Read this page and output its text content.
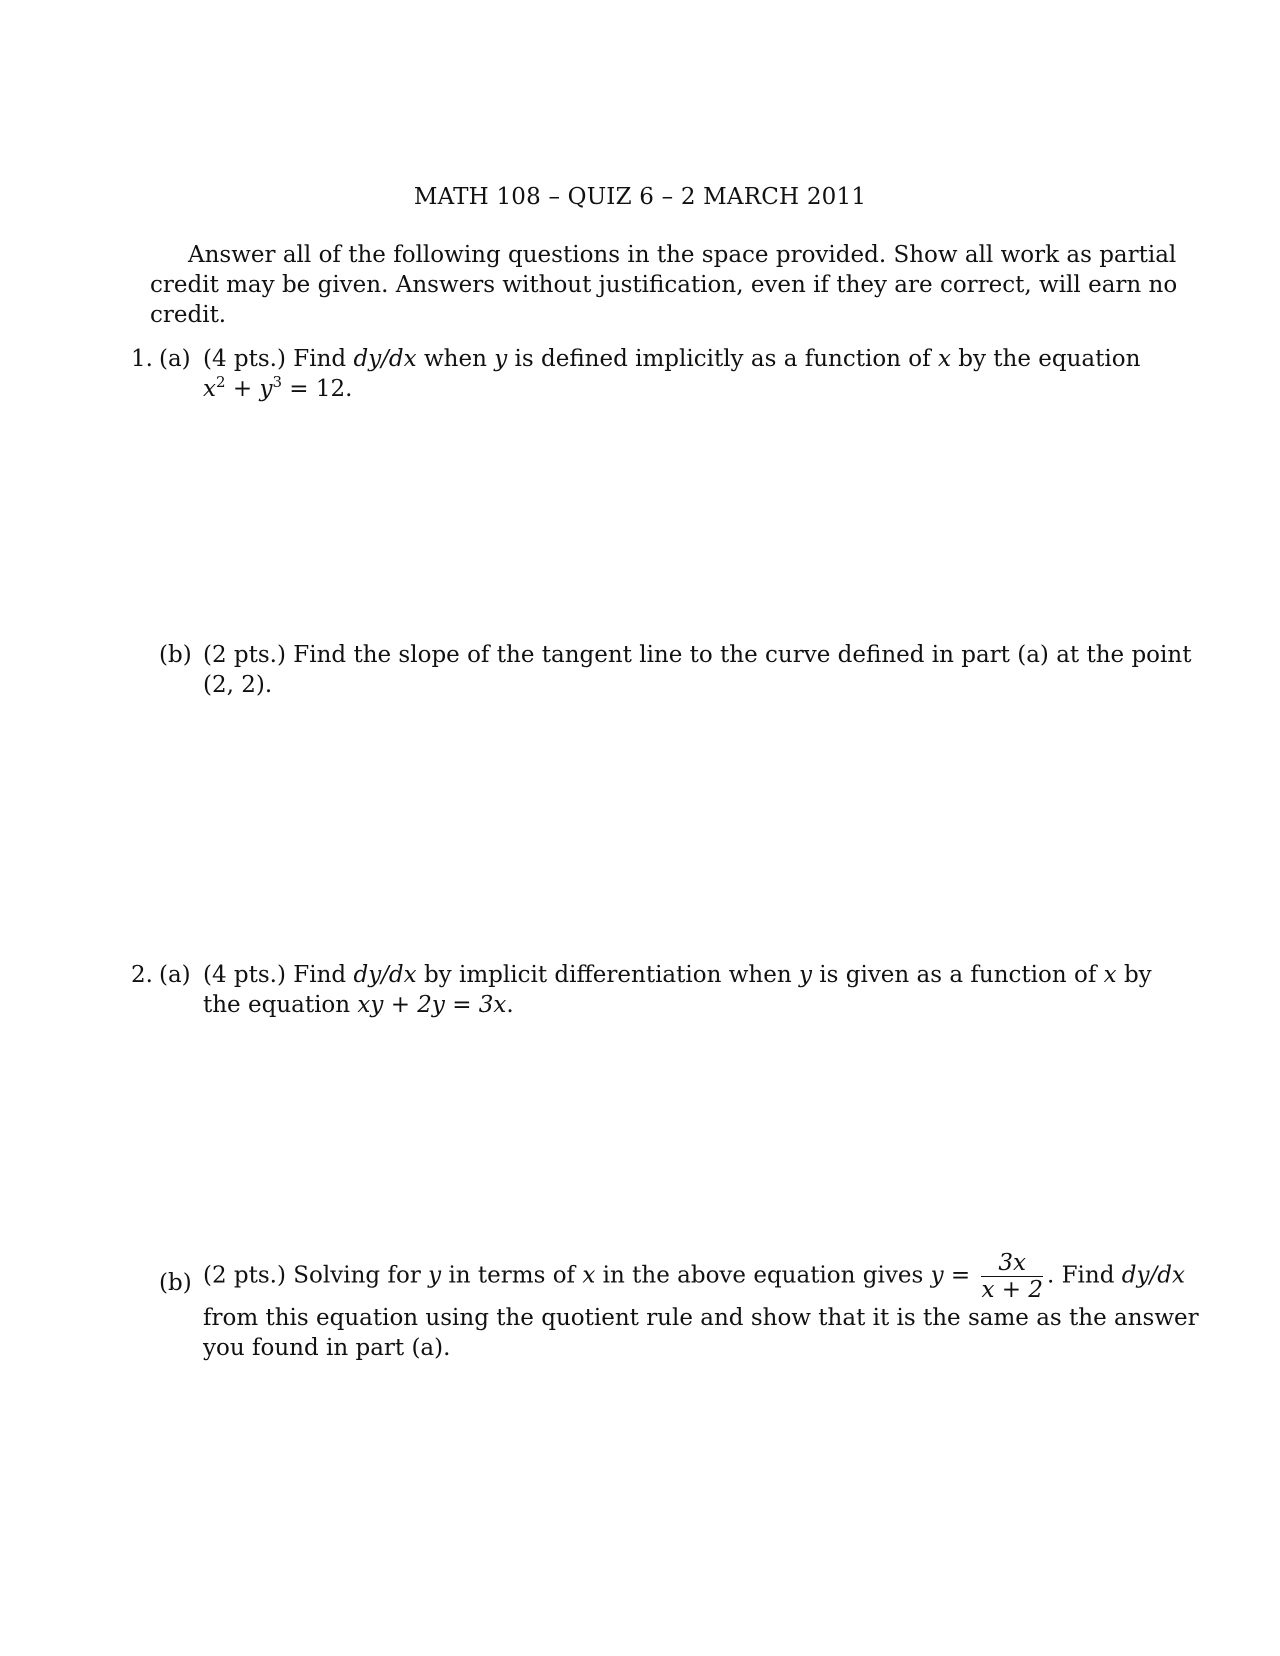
MATH 108 – QUIZ 6 – 2 MARCH 2011
Answer all of the following questions in the space provided. Show all work as partial
credit may be given. Answers without justification, even if they are correct, will earn no
credit.
1. (a) (4 pts.) Find dy/dx when y is defined implicitly as a function of x by the equation
$x^2 + y^3 = 12$.
(b) (2 pts.) Find the slope of the tangent line to the curve defined in part (a) at the point
(2, 2).
2. (a) (4 pts.) Find dy/dx by implicit differentiation when y is given as a function of x by
the equation xy + 2y = 3x.
(b) (2 pts.) Solving for y in terms of x in the above equation gives $y = \frac{3x}{x + 2}$ . Find dy/dx
from this equation using the quotient rule and show that it is the same as the answer
you found in part (a).
